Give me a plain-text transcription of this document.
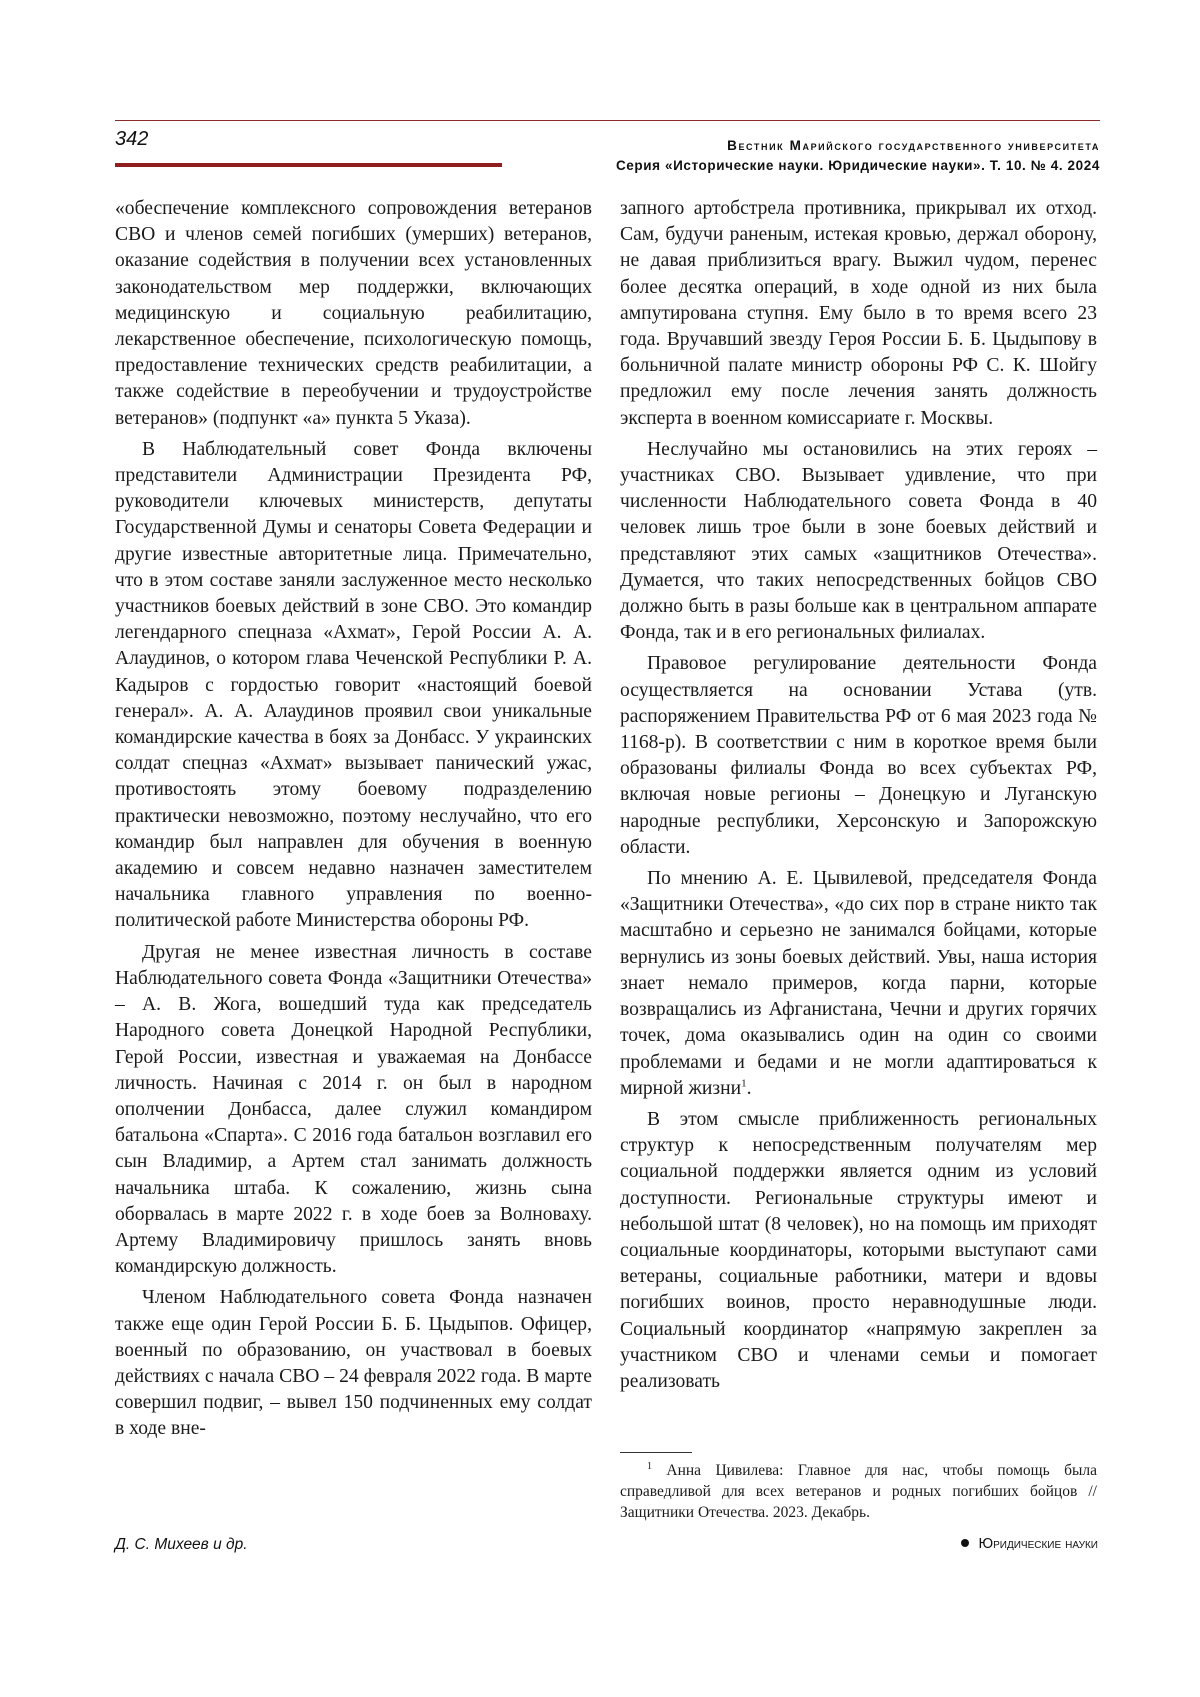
342	Вестник Марийского государственного университета
Серия «Исторические науки. Юридические науки». Т. 10. № 4. 2024

«обеспечение комплексного сопровождения ветеранов СВО и членов семей погибших (умерших) ветеранов, оказание содействия в получении всех установленных законодательством мер поддержки, включающих медицинскую и социальную реабилитацию, лекарственное обеспечение, психологическую помощь, предоставление технических средств реабилитации, а также содействие в переобучении и трудоустройстве ветеранов» (подпункт «а» пункта 5 Указа).

В Наблюдательный совет Фонда включены представители Администрации Президента РФ, руководители ключевых министерств, депутаты Государственной Думы и сенаторы Совета Федерации и другие известные авторитетные лица. Примечательно, что в этом составе заняли заслуженное место несколько участников боевых действий в зоне СВО. Это командир легендарного спецназа «Ахмат», Герой России А. А. Алаудинов, о котором глава Чеченской Республики Р. А. Кадыров с гордостью говорит «настоящий боевой генерал». А. А. Алаудинов проявил свои уникальные командирские качества в боях за Донбасс. У украинских солдат спецназ «Ахмат» вызывает панический ужас, противостоять этому боевому подразделению практически невозможно, поэтому неслучайно, что его командир был направлен для обучения в военную академию и совсем недавно назначен заместителем начальника главного управления по военно-политической работе Министерства обороны РФ.

Другая не менее известная личность в составе Наблюдательного совета Фонда «Защитники Отечества» – А. В. Жога, вошедший туда как председатель Народного совета Донецкой Народной Республики, Герой России, известная и уважаемая на Донбассе личность. Начиная с 2014 г. он был в народном ополчении Донбасса, далее служил командиром батальона «Спарта». С 2016 года батальон возглавил его сын Владимир, а Артем стал занимать должность начальника штаба. К сожалению, жизнь сына оборвалась в марте 2022 г. в ходе боев за Волноваху. Артему Владимировичу пришлось занять вновь командирскую должность.

Членом Наблюдательного совета Фонда назначен также еще один Герой России Б. Б. Цыдыпов. Офицер, военный по образованию, он участвовал в боевых действиях с начала СВО – 24 февраля 2022 года. В марте совершил подвиг, – вывел 150 подчиненных ему солдат в ходе вне-

запного артобстрела противника, прикрывал их отход. Сам, будучи раненым, истекая кровью, держал оборону, не давая приблизиться врагу. Выжил чудом, перенес более десятка операций, в ходе одной из них была ампутирована ступня. Ему было в то время всего 23 года. Вручавший звезду Героя России Б. Б. Цыдыпову в больничной палате министр обороны РФ С. К. Шойгу предложил ему после лечения занять должность эксперта в военном комиссариате г. Москвы.

Неслучайно мы остановились на этих героях – участниках СВО. Вызывает удивление, что при численности Наблюдательного совета Фонда в 40 человек лишь трое были в зоне боевых действий и представляют этих самых «защитников Отечества». Думается, что таких непосредственных бойцов СВО должно быть в разы больше как в центральном аппарате Фонда, так и в его региональных филиалах.

Правовое регулирование деятельности Фонда осуществляется на основании Устава (утв. распоряжением Правительства РФ от 6 мая 2023 года № 1168-р). В соответствии с ним в короткое время были образованы филиалы Фонда во всех субъектах РФ, включая новые регионы – Донецкую и Луганскую народные республики, Херсонскую и Запорожскую области.

По мнению А. Е. Цывилевой, председателя Фонда «Защитники Отечества», «до сих пор в стране никто так масштабно и серьезно не занимался бойцами, которые вернулись из зоны боевых действий. Увы, наша история знает немало примеров, когда парни, которые возвращались из Афганистана, Чечни и других горячих точек, дома оказывались один на один со своими проблемами и бедами и не могли адаптироваться к мирной жизни$^1$.

В этом смысле приближенность региональных структур к непосредственным получателям мер социальной поддержки является одним из условий доступности. Региональные структуры имеют и небольшой штат (8 человек), но на помощь им приходят социальные координаторы, которыми выступают сами ветераны, социальные работники, матери и вдовы погибших воинов, просто неравнодушные люди. Социальный координатор «напрямую закреплен за участником СВО и членами семьи и помогает реализовать

$^1$ Анна Цивилева: Главное для нас, чтобы помощь была справедливой для всех ветеранов и родных погибших бойцов // Защитники Отечества. 2023. Декабрь.
Д. С. Михеев и др.	Юридические науки
